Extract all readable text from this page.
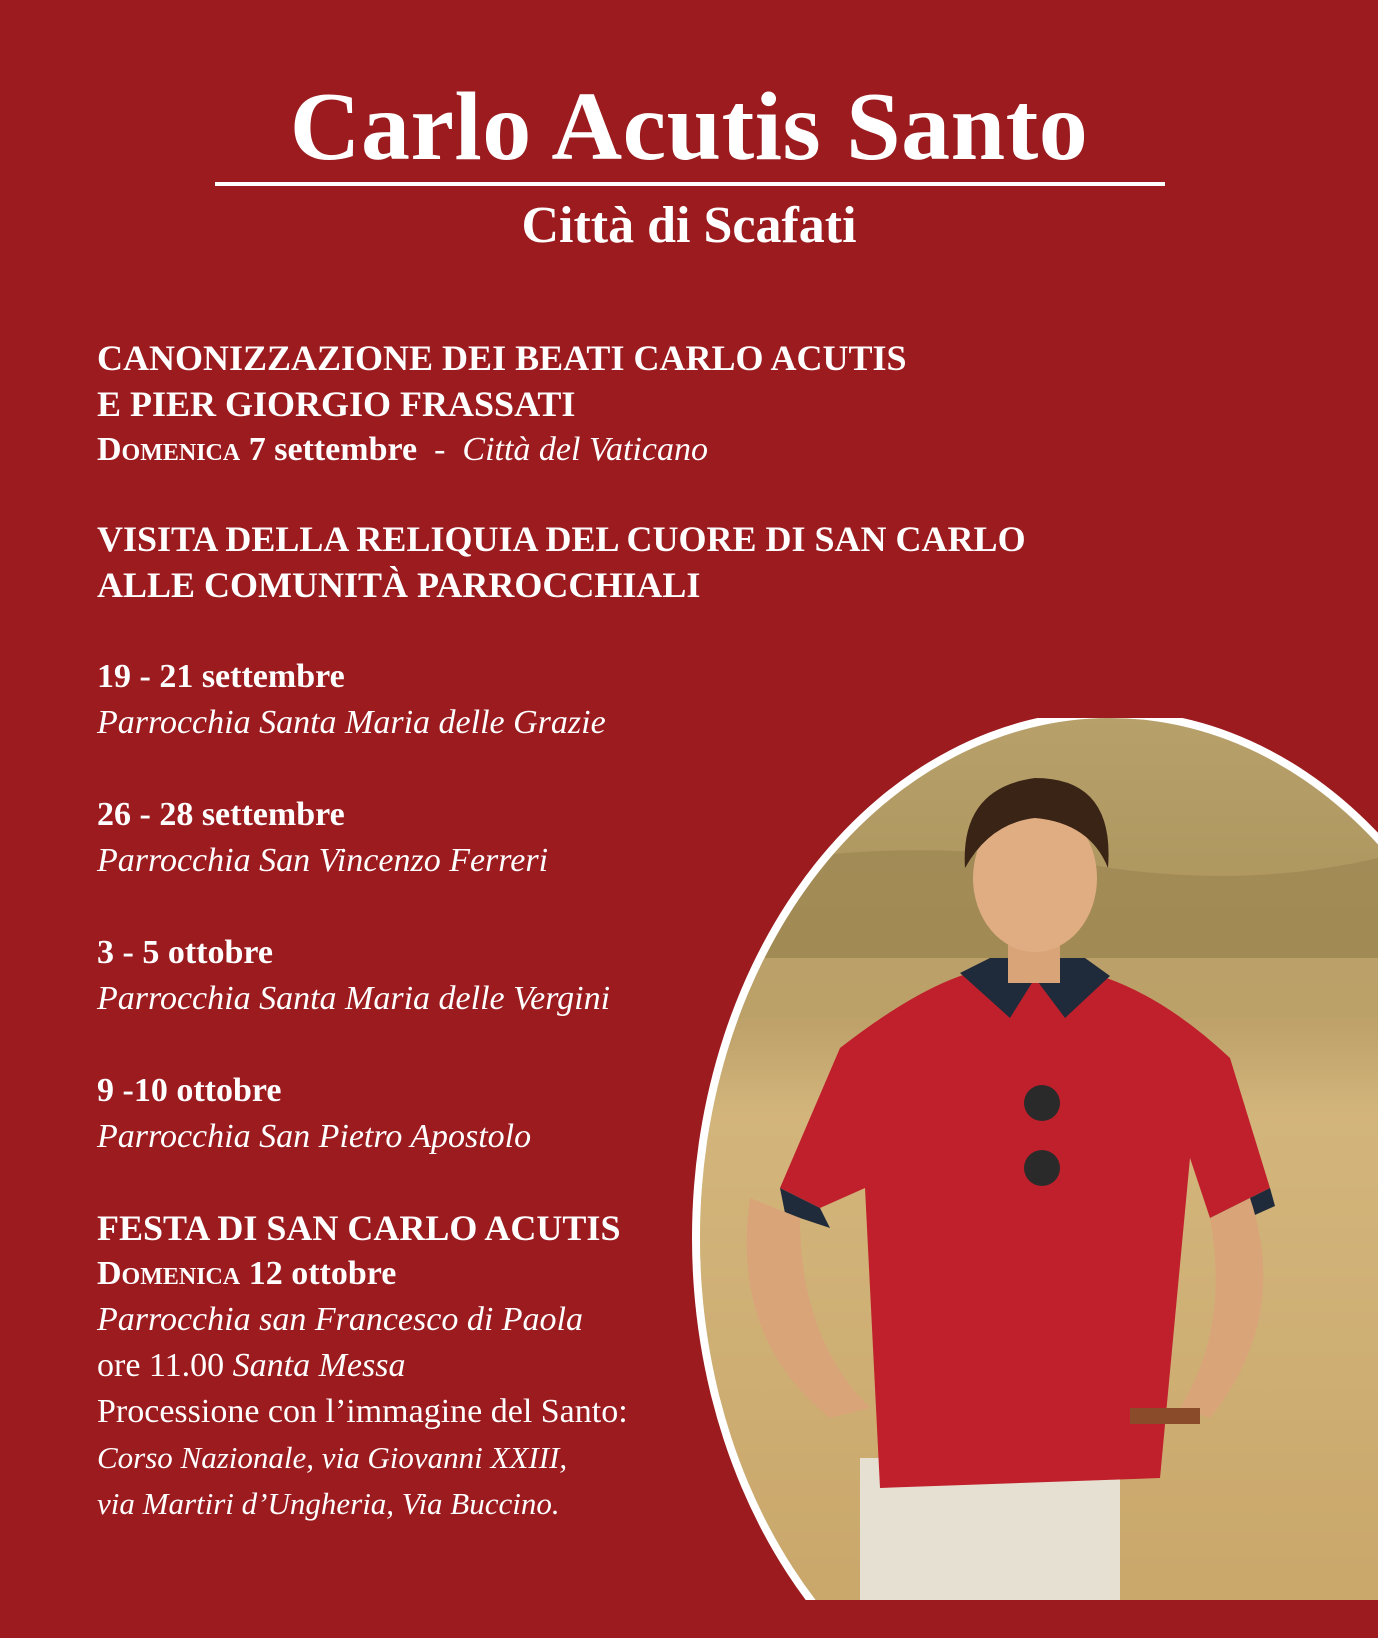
Carlo Acutis Santo
Città di Scafati
CANONIZZAZIONE DEI BEATI CARLO ACUTIS
E PIER GIORGIO FRASSATI
Domenica 7 settembre - Città del Vaticano
VISITA DELLA RELIQUIA DEL CUORE DI SAN CARLO
ALLE COMUNITÀ PARROCCHIALI
19 - 21 settembre
Parrocchia Santa Maria delle Grazie
26 - 28 settembre
Parrocchia San Vincenzo Ferreri
3 - 5 ottobre
Parrocchia Santa Maria delle Vergini
9 -10 ottobre
Parrocchia San Pietro Apostolo
FESTA DI SAN CARLO ACUTIS
Domenica 12 ottobre
Parrocchia san Francesco di Paola
ore 11.00 Santa Messa
Processione con l’immagine del Santo:
Corso Nazionale, via Giovanni XXIII,
via Martiri d’Ungheria, Via Buccino.
